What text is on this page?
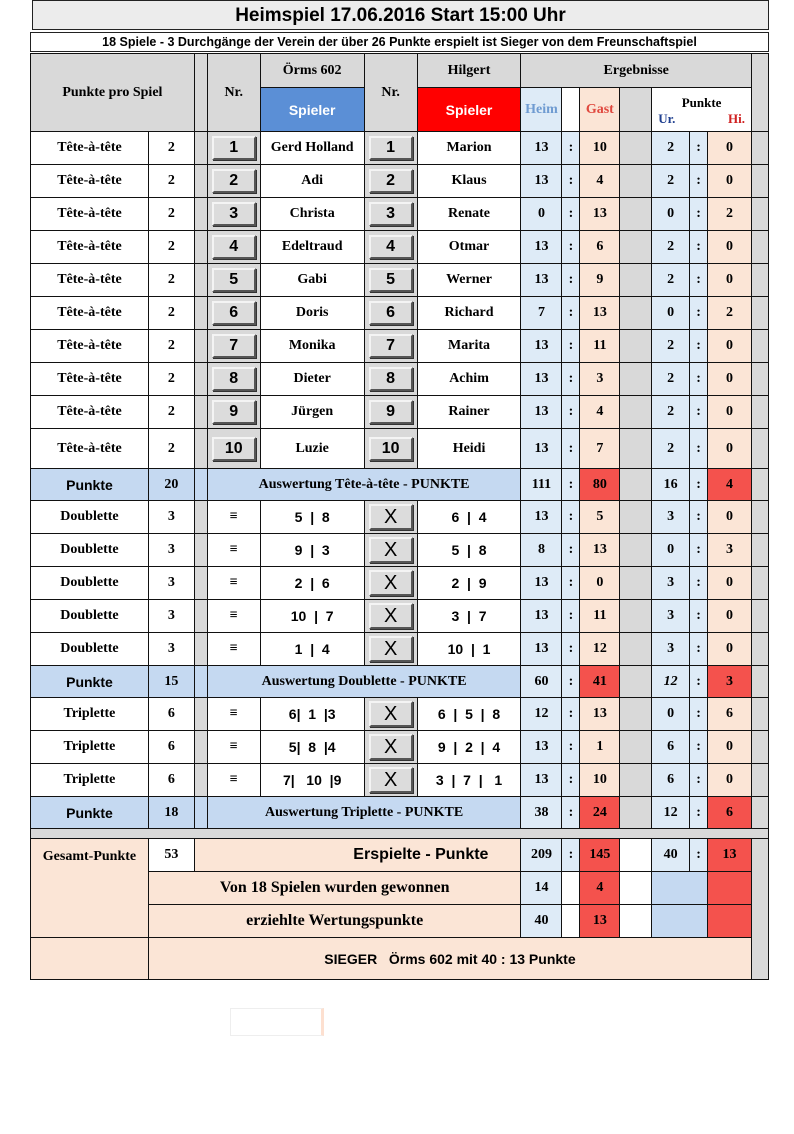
Heimspiel 17.06.2016 Start 15:00 Uhr
18 Spiele - 3 Durchgänge der Verein der über 26 Punkte erspielt ist Sieger von dem Freunschaftspiel
Punkte pro Spiel			Nr.	Örms 602	Nr.	Hilgert	Ergebnisse							
				Spieler		Spieler	Heim		Gast		Punkte
Ur. Hi.			

Tête-à-tête	2		1	Gerd Holland	1	Marion	13	:	10		2	:	0	
Tête-à-tête	2		2	Adi	2	Klaus	13	:	4		2	:	0	
Tête-à-tête	2		3	Christa	3	Renate	0	:	13		0	:	2	
Tête-à-tête	2		4	Edeltraud	4	Otmar	13	:	6		2	:	0	
Tête-à-tête	2		5	Gabi	5	Werner	13	:	9		2	:	0	
Tête-à-tête	2		6	Doris	6	Richard	7	:	13		0	:	2	
Tête-à-tête	2		7	Monika	7	Marita	13	:	11		2	:	0	
Tête-à-tête	2		8	Dieter	8	Achim	13	:	3		2	:	0	
Tête-à-tête	2		9	Jürgen	9	Rainer	13	:	4		2	:	0	
Tête-à-tête	2		10	Luzie	10	Heidi	13	:	7		2	:	0	
Punkte	20		Auswertung Tête-à-tête - PUNKTE				111	:	80		16	:	4	
Doublette	3		≡	5  |  8	X	6  |  4	13	:	5		3	:	0	
Doublette	3		≡	9  |  3	X	5  |  8	8	:	13		0	:	3	
Doublette	3		≡	2  |  6	X	2  |  9	13	:	0		3	:	0	
Doublette	3		≡	10  |  7	X	3  |  7	13	:	11		3	:	0	
Doublette	3		≡	1  |  4	X	10  |  1	13	:	12		3	:	0	
Punkte	15		Auswertung Doublette - PUNKTE				60	:	41		12	:	3	
Triplette	6		≡	6|  1  |3	X	6  |  5  |  8	12	:	13		0	:	6	
Triplette	6		≡	5|  8  |4	X	9  |  2  |  4	13	:	1		6	:	0	
Triplette	6		≡	7|   10  |9	X	3  |  7  |   1	13	:	10		6	:	0	
Punkte	18		Auswertung Triplette - PUNKTE				38	:	24		12	:	6	

Gesamt-Punkte	53	Erspielte - Punkte					209	:	145		40	:	13	
	Von 18 Spielen wurden gewonnen						14		4					
	erziehlte Wertungspunkte						40		13					
	SIEGER   Örms 602 mit 40 : 13 Punkte													
